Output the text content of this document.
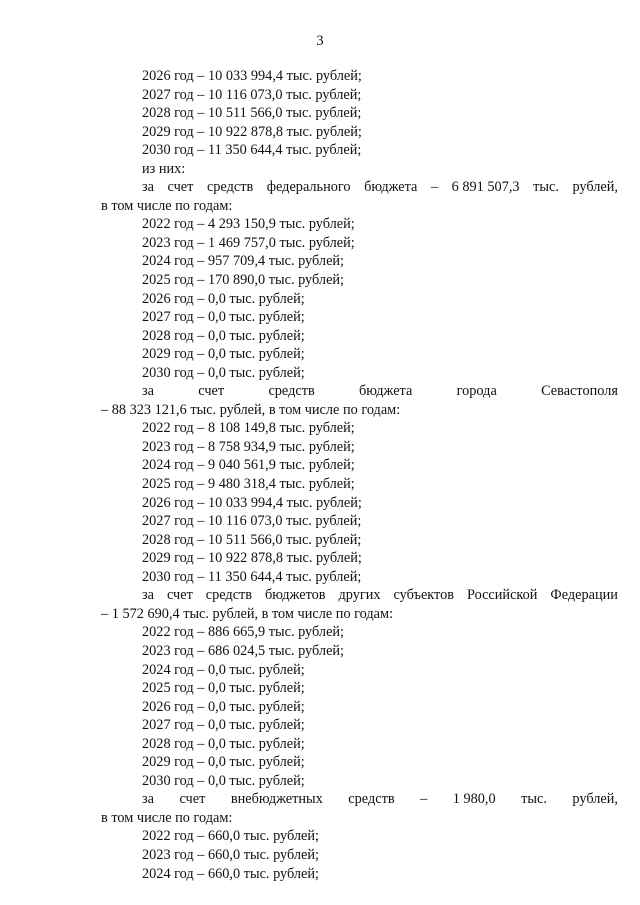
3
2026 год – 10 033 994,4 тыс. рублей;
2027 год – 10 116 073,0 тыс. рублей;
2028 год – 10 511 566,0 тыс. рублей;
2029 год – 10 922 878,8 тыс. рублей;
2030 год – 11 350 644,4 тыс. рублей;
из них:
за счет средств федерального бюджета – 6 891 507,3 тыс. рублей,
в том числе по годам:
2022 год – 4 293 150,9 тыс. рублей;
2023 год – 1 469 757,0 тыс. рублей;
2024 год – 957 709,4 тыс. рублей;
2025 год – 170 890,0 тыс. рублей;
2026 год – 0,0 тыс. рублей;
2027 год – 0,0 тыс. рублей;
2028 год – 0,0 тыс. рублей;
2029 год – 0,0 тыс. рублей;
2030 год – 0,0 тыс. рублей;
за	счет	средств	бюджета	города	Севастополя
– 88 323 121,6 тыс. рублей, в том числе по годам:
2022 год – 8 108 149,8 тыс. рублей;
2023 год – 8 758 934,9 тыс. рублей;
2024 год – 9 040 561,9 тыс. рублей;
2025 год – 9 480 318,4 тыс. рублей;
2026 год – 10 033 994,4 тыс. рублей;
2027 год – 10 116 073,0 тыс. рублей;
2028 год – 10 511 566,0 тыс. рублей;
2029 год – 10 922 878,8 тыс. рублей;
2030 год – 11 350 644,4 тыс. рублей;
за счет средств бюджетов других субъектов Российской Федерации
– 1 572 690,4 тыс. рублей, в том числе по годам:
2022 год – 886 665,9 тыс. рублей;
2023 год – 686 024,5 тыс. рублей;
2024 год – 0,0 тыс. рублей;
2025 год – 0,0 тыс. рублей;
2026 год – 0,0 тыс. рублей;
2027 год – 0,0 тыс. рублей;
2028 год – 0,0 тыс. рублей;
2029 год – 0,0 тыс. рублей;
2030 год – 0,0 тыс. рублей;
за счет внебюджетных средств – 1 980,0 тыс. рублей,
в том числе по годам:
2022 год – 660,0 тыс. рублей;
2023 год – 660,0 тыс. рублей;
2024 год – 660,0 тыс. рублей;
